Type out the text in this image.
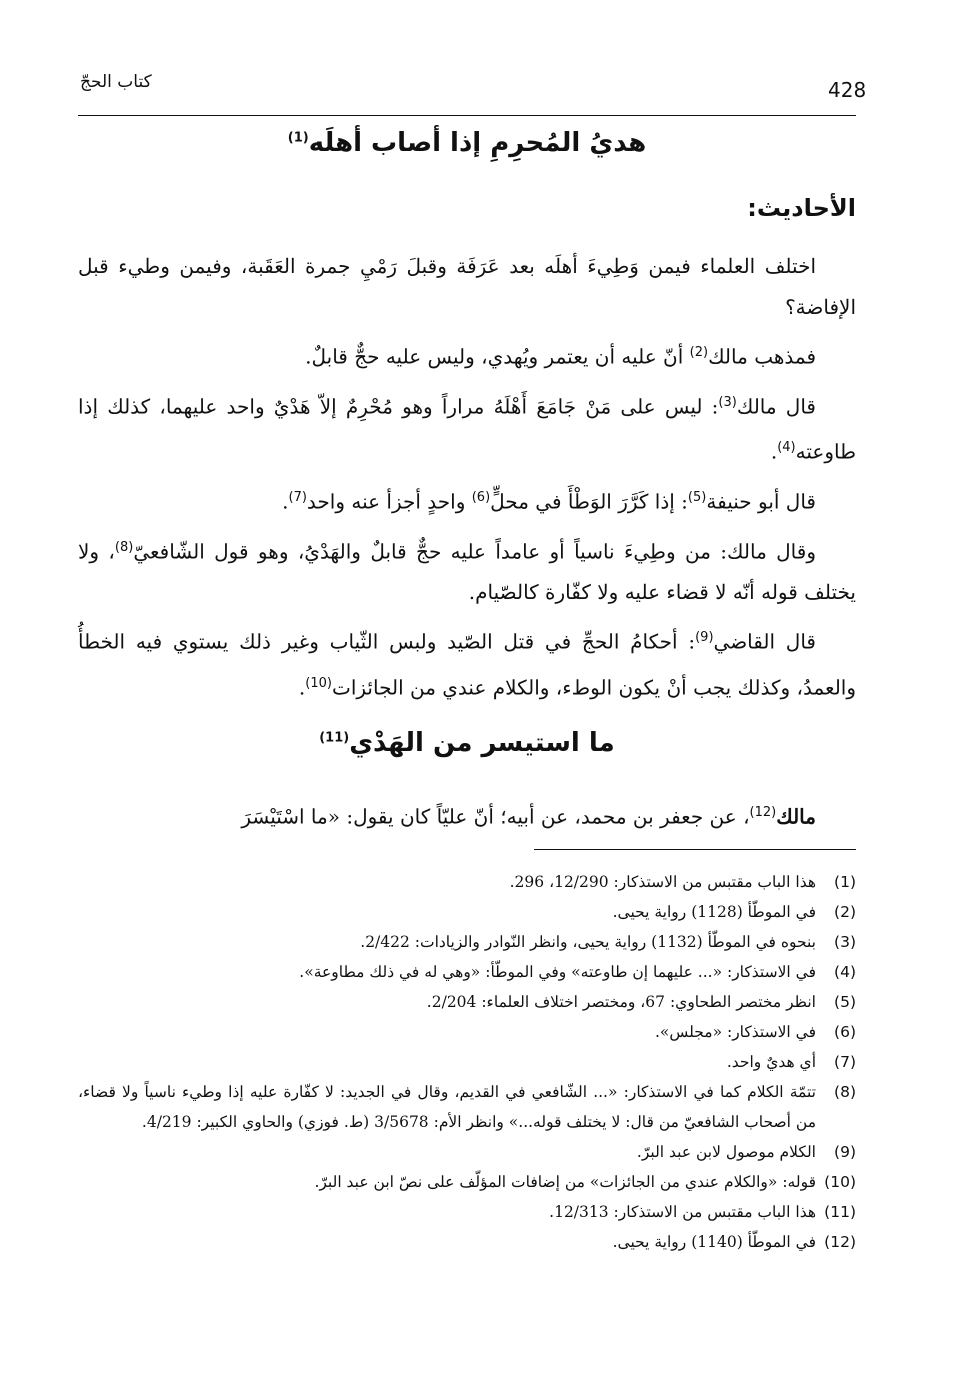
كتاب الحجّ	428
هديُ المُحرِمِ إذا أصاب أهلَه$^{(1)}$
الأحاديث:

اختلف العلماء فيمن وَطِيءَ أهلَه بعد عَرَفَة وقبلَ رَمْيِ جمرة العَقَبة، وفيمن وطيء قبل الإفاضة؟

فمذهب مالك$^{(2)}$ أنّ عليه أن يعتمر ويُهدي، وليس عليه حجٌّ قابلٌ.

قال مالك$^{(3)}$: ليس على مَنْ جَامَعَ أَهْلَهُ مراراً وهو مُحْرِمٌ إلاّ هَدْيٌ واحد عليهما، كذلك إذا طاوعته$^{(4)}$.

قال أبو حنيفة$^{(5)}$: إذا كَرَّرَ الوَطْأَ في محلٍّ$^{(6)}$ واحدٍ أجزأ عنه واحد$^{(7)}$.

وقال مالك: من وطِيءَ ناسياً أو عامداً عليه حجٌّ قابلٌ والهَدْيُ، وهو قول الشّافعيّ$^{(8)}$، ولا يختلف قوله أنّه لا قضاء عليه ولا كفّارة كالصّيام.

قال القاضي$^{(9)}$: أحكامُ الحجِّ في قتل الصّيد ولبس الثّياب وغير ذلك يستوي فيه الخطأُ والعمدُ، وكذلك يجب أنْ يكون الوطء، والكلام عندي من الجائزات$^{(10)}$.

ما استيسر من الهَدْي$^{(11)}$

مالك$^{(12)}$، عن جعفر بن محمد، عن أبيه؛ أنّ عليّاً كان يقول: «ما اسْتَيْسَرَ

(1)
هذا الباب مقتبس من الاستذكار: 12/290، 296.
(2)
في الموطّأ (1128) رواية يحيى.
(3)
بنحوه في الموطّأ (1132) رواية يحيى، وانظر النّوادر والزيادات: 2/422.
(4)
في الاستذكار: «... عليهما إن طاوعته» وفي الموطّأ: «وهي له في ذلك مطاوعة».
(5)
انظر مختصر الطحاوي: 67، ومختصر اختلاف العلماء: 2/204.
(6)
في الاستذكار: «مجلس».
(7)
أي هديٌ واحد.
(8)
تتمّة الكلام كما في الاستذكار: «... الشّافعي في القديم، وقال في الجديد: لا كفّارة عليه إذا وطيء ناسياً ولا قضاء، من أصحاب الشافعيّ من قال: لا يختلف قوله...» وانظر الأم: 3/5678 (ط. فوزي) والحاوي الكبير: 4/219.
(9)
الكلام موصول لابن عبد البرّ.
(10)
قوله: «والكلام عندي من الجائزات» من إضافات المؤلّف على نصّ ابن عبد البرّ.
(11)
هذا الباب مقتبس من الاستذكار: 12/313.
(12)
في الموطّأ (1140) رواية يحيى.
